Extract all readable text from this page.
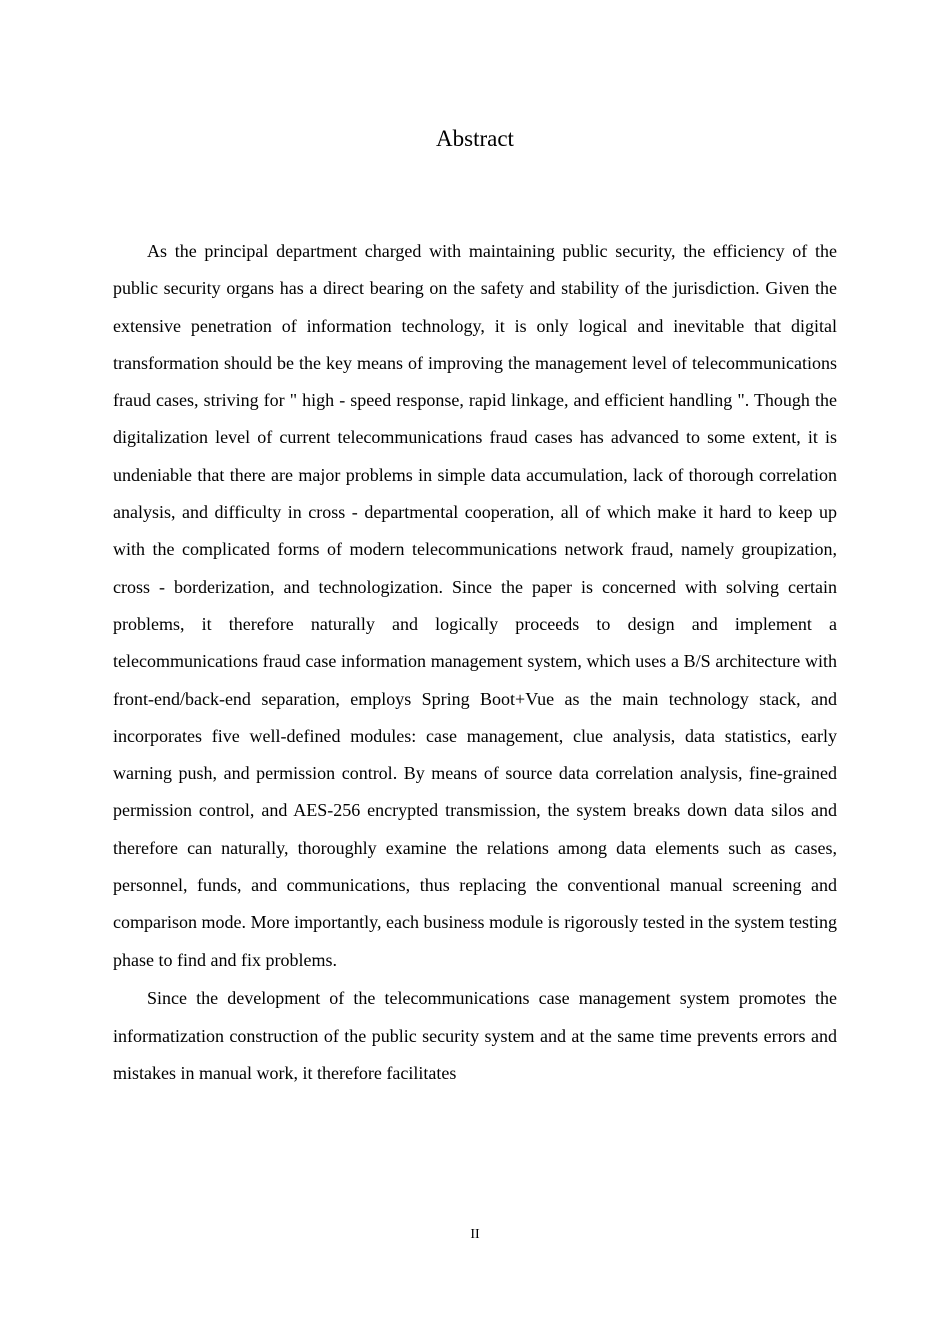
Abstract

As the principal department charged with maintaining public security, the efficiency of the public security organs has a direct bearing on the safety and stability of the jurisdiction. Given the extensive penetration of information technology, it is only logical and inevitable that digital transformation should be the key means of improving the management level of telecommunications fraud cases, striving for " high - speed response, rapid linkage, and efficient handling ". Though the digitalization level of current telecommunications fraud cases has advanced to some extent, it is undeniable that there are major problems in simple data accumulation, lack of thorough correlation analysis, and difficulty in cross - departmental cooperation, all of which make it hard to keep up with the complicated forms of modern telecommunications network fraud, namely groupization, cross - borderization, and technologization. Since the paper is concerned with solving certain problems, it therefore naturally and logically proceeds to design and implement a telecommunications fraud case information management system, which uses a B/S architecture with front-end/back-end separation, employs Spring Boot+Vue as the main technology stack, and incorporates five well-defined modules: case management, clue analysis, data statistics, early warning push, and permission control. By means of source data correlation analysis, fine-grained permission control, and AES-256 encrypted transmission, the system breaks down data silos and therefore can naturally, thoroughly examine the relations among data elements such as cases, personnel, funds, and communications, thus replacing the conventional manual screening and comparison mode. More importantly, each business module is rigorously tested in the system testing phase to find and fix problems.

Since the development of the telecommunications case management system promotes the informatization construction of the public security system and at the same time prevents errors and mistakes in manual work, it therefore facilitates

II
